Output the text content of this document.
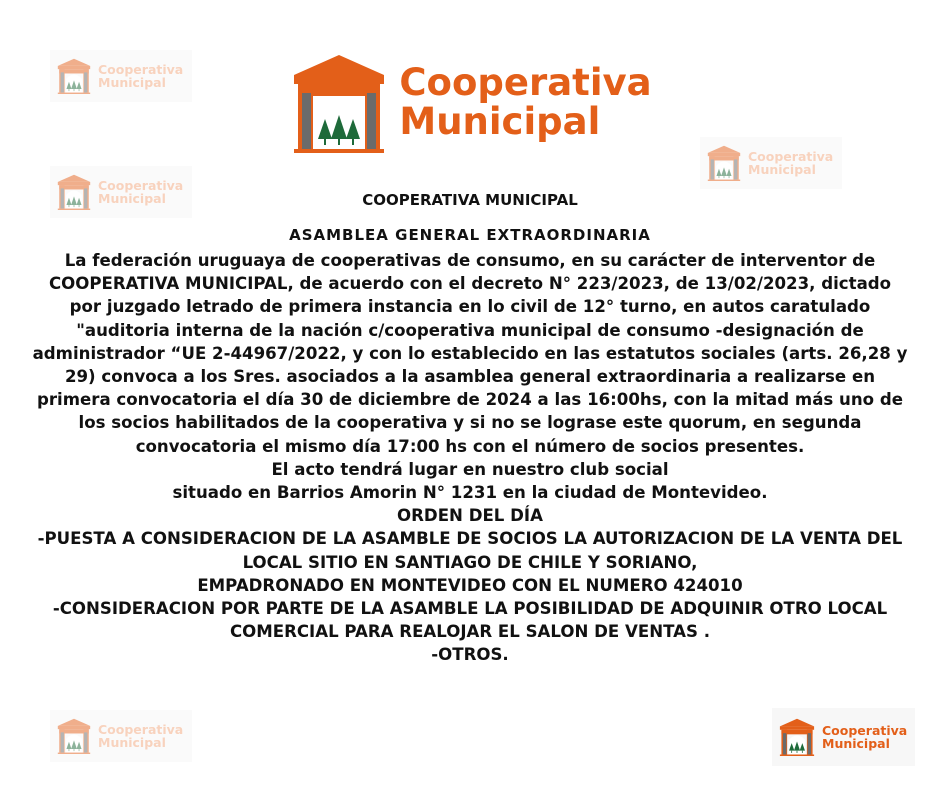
Cooperativa
Municipal
Cooperativa
Municipal
Cooperativa
Municipal
Cooperativa
Municipal
Cooperativa
Municipal
Cooperativa
Municipal
COOPERATIVA MUNICIPAL
ASAMBLEA GENERAL EXTRAORDINARIA
La federación uruguaya de cooperativas de consumo, en su carácter de interventor de
COOPERATIVA MUNICIPAL, de acuerdo con el decreto N° 223/2023, de 13/02/2023, dictado
por juzgado letrado de primera instancia en lo civil de 12° turno, en autos caratulado
"auditoria interna de la nación c/cooperativa municipal de consumo -designación de
administrador “UE 2-44967/2022, y con lo establecido en las estatutos sociales (arts. 26,28 y
29) convoca a los Sres. asociados a la asamblea general extraordinaria a realizarse en
primera convocatoria el día 30 de diciembre de 2024 a las 16:00hs, con la mitad más uno de
los socios habilitados de la cooperativa y si no se lograse este quorum, en segunda
convocatoria el mismo día 17:00 hs con el número de socios presentes.
El acto tendrá lugar en nuestro club social
situado en Barrios Amorin N° 1231 en la ciudad de Montevideo.
ORDEN DEL DÍA
-PUESTA A CONSIDERACION DE LA ASAMBLE DE SOCIOS LA AUTORIZACION DE LA VENTA DEL
LOCAL SITIO EN SANTIAGO DE CHILE Y SORIANO,
EMPADRONADO EN MONTEVIDEO CON EL NUMERO 424010
-CONSIDERACION POR PARTE DE LA ASAMBLE LA POSIBILIDAD DE ADQUINIR OTRO LOCAL
COMERCIAL PARA REALOJAR EL SALON DE VENTAS .
-OTROS.
